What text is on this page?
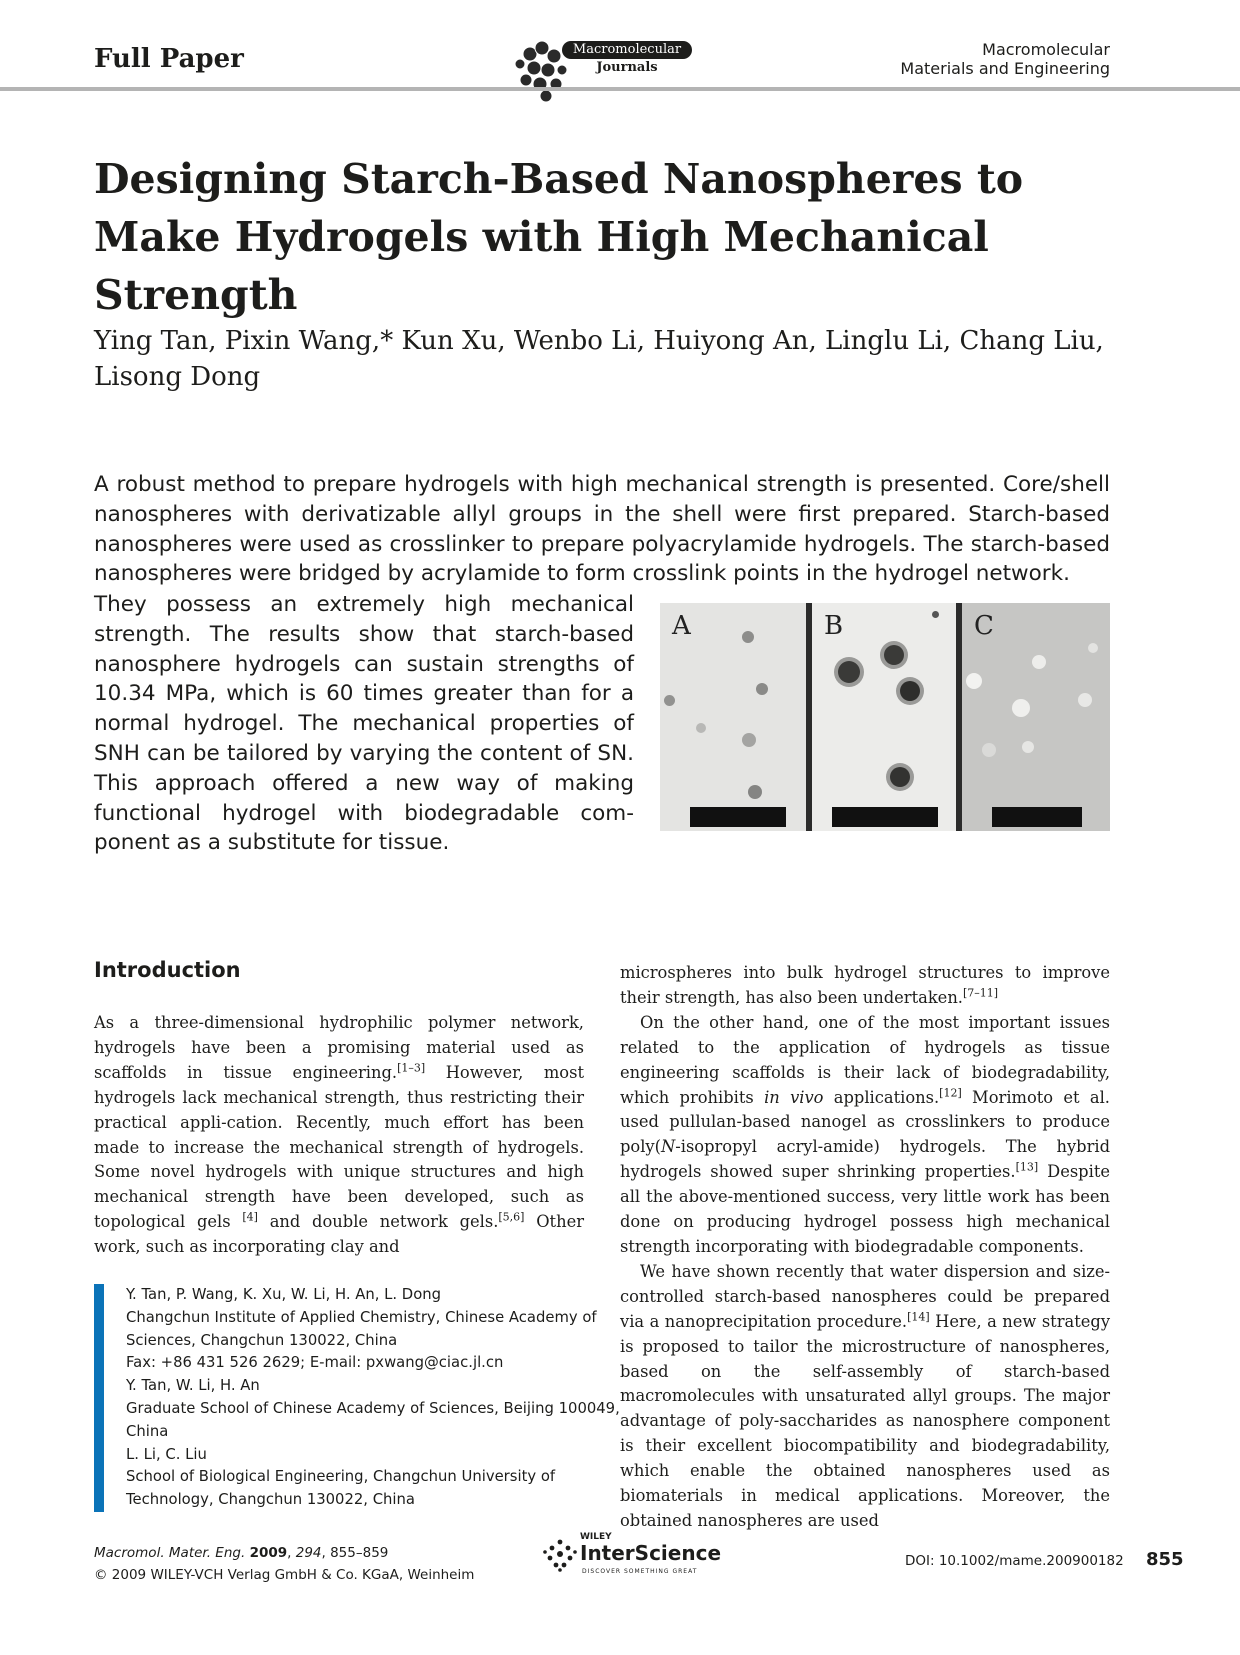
Full Paper	Macromolecular
Journals
Macromolecular
Materials and Engineering
Designing Starch-Based Nanospheres to Make Hydrogels with High Mechanical Strength
Ying Tan, Pixin Wang,* Kun Xu, Wenbo Li, Huiyong An, Linglu Li, Chang Liu, Lisong Dong
A robust method to prepare hydrogels with high mechanical strength is presented. Core/shell nanospheres with derivatizable allyl groups in the shell were first prepared. Starch-based nanospheres were used as crosslinker to prepare polyacrylamide hydrogels. The starch-based nanospheres were bridged by acrylamide to form crosslink points in the hydrogel network.
They possess an extremely high mechanical strength. The results show that starch-based nanosphere hydrogels can sustain strengths of 10.34 MPa, which is 60 times greater than for a normal hydrogel. The mechanical properties of SNH can be tailored by varying the content of SN. This approach offered a new way of making functional hydrogel with biodegradable com-ponent as a substitute for tissue.
A	B	C
Introduction

As a three-dimensional hydrophilic polymer network, hydrogels have been a promising material used as scaffolds in tissue engineering.[1–3] However, most hydrogels lack mechanical strength, thus restricting their practical appli-cation. Recently, much effort has been made to increase the mechanical strength of hydrogels. Some novel hydrogels with unique structures and high mechanical strength have been developed, such as topological gels [4] and double network gels.[5,6] Other work, such as incorporating clay and

microspheres into bulk hydrogel structures to improve their strength, has also been undertaken.[7–11]

On the other hand, one of the most important issues related to the application of hydrogels as tissue engineering scaffolds is their lack of biodegradability, which prohibits in vivo applications.[12] Morimoto et al. used pullulan-based nanogel as crosslinkers to produce poly(N-isopropyl acryl-amide) hydrogels. The hybrid hydrogels showed super shrinking properties.[13] Despite all the above-mentioned success, very little work has been done on producing hydrogel possess high mechanical strength incorporating with biodegradable components.

We have shown recently that water dispersion and size-controlled starch-based nanospheres could be prepared via a nanoprecipitation procedure.[14] Here, a new strategy is proposed to tailor the microstructure of nanospheres, based on the self-assembly of starch-based macromolecules with unsaturated allyl groups. The major advantage of poly-saccharides as nanosphere component is their excellent biocompatibility and biodegradability, which enable the obtained nanospheres used as biomaterials in medical applications. Moreover, the obtained nanospheres are used

Y. Tan, P. Wang, K. Xu, W. Li, H. An, L. Dong
Changchun Institute of Applied Chemistry, Chinese Academy of
Sciences, Changchun 130022, China
Fax: +86 431 526 2629; E-mail: pxwang@ciac.jl.cn
Y. Tan, W. Li, H. An
Graduate School of Chinese Academy of Sciences, Beijing 100049,
China
L. Li, C. Liu
School of Biological Engineering, Changchun University of
Technology, Changchun 130022, China
Macromol. Mater. Eng. 2009, 294, 855–859
© 2009 WILEY-VCH Verlag GmbH & Co. KGaA, Weinheim
WILEY
InterScience
DISCOVER SOMETHING GREAT
DOI: 10.1002/mame.200900182 855
